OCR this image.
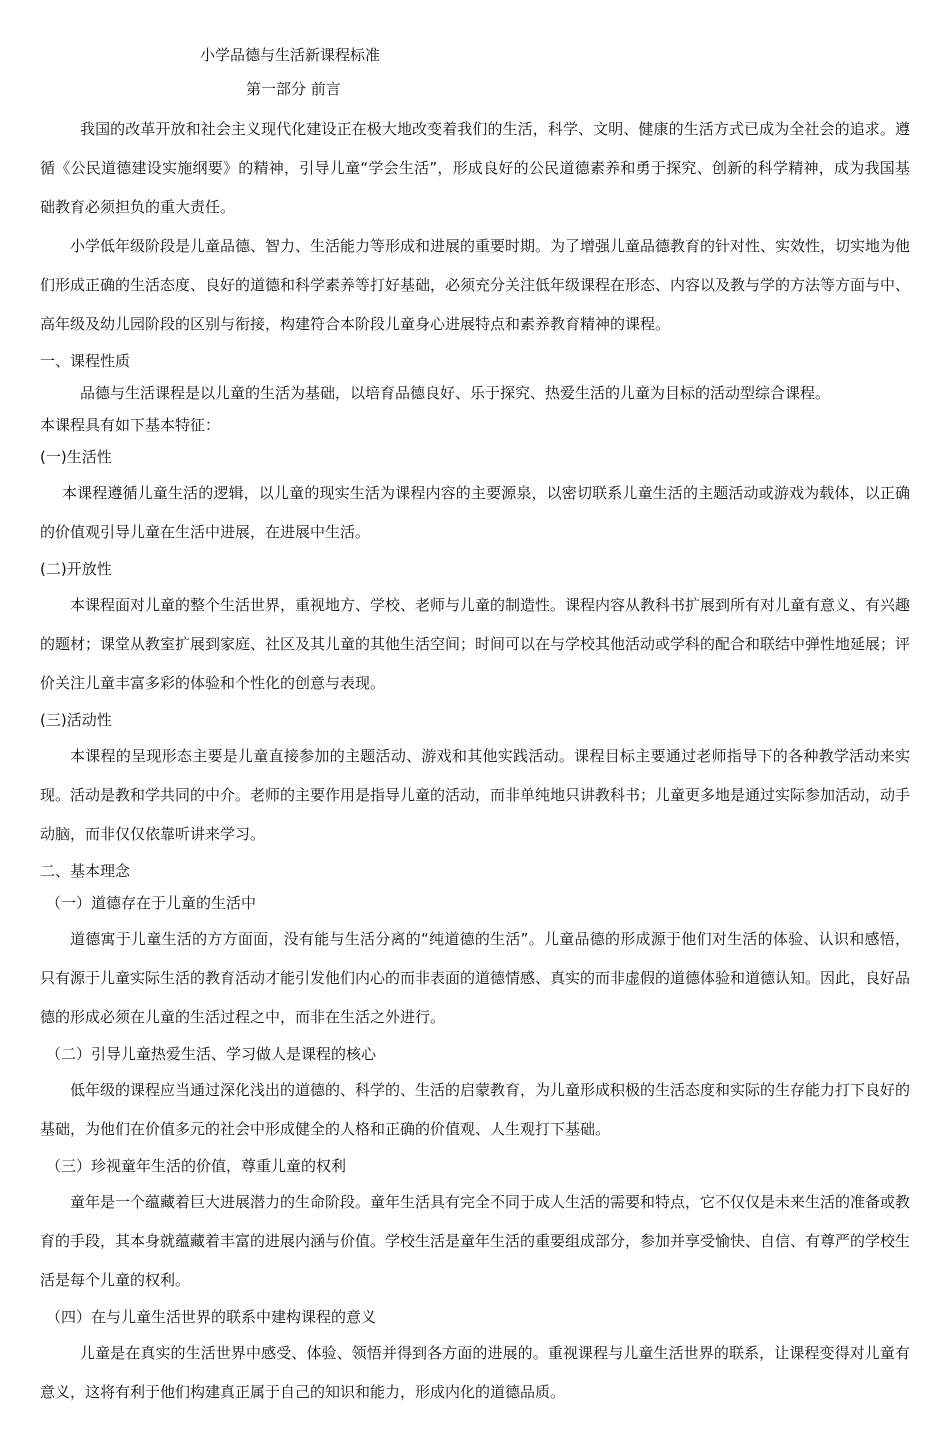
小学品德与生活新课程标准
第一部分 前言

我国的改革开放和社会主义现代化建设正在极大地改变着我们的生活，科学、文明、健康的生活方式已成为全社会的追求。遵循《公民道德建设实施纲要》的精神，引导儿童“学会生活”，形成良好的公民道德素养和勇于探究、创新的科学精神，成为我国基础教育必须担负的重大责任。

小学低年级阶段是儿童品德、智力、生活能力等形成和进展的重要时期。为了增强儿童品德教育的针对性、实效性，切实地为他们形成正确的生活态度、良好的道德和科学素养等打好基础，必须充分关注低年级课程在形态、内容以及教与学的方法等方面与中、高年级及幼儿园阶段的区别与衔接，构建符合本阶段儿童身心进展特点和素养教育精神的课程。

一、课程性质

品德与生活课程是以儿童的生活为基础，以培育品德良好、乐于探究、热爱生活的儿童为目标的活动型综合课程。

本课程具有如下基本特征：
(一)生活性

本课程遵循儿童生活的逻辑，以儿童的现实生活为课程内容的主要源泉，以密切联系儿童生活的主题活动或游戏为载体，以正确的价值观引导儿童在生活中进展，在进展中生活。

(二)开放性

本课程面对儿童的整个生活世界，重视地方、学校、老师与儿童的制造性。课程内容从教科书扩展到所有对儿童有意义、有兴趣的题材；课堂从教室扩展到家庭、社区及其儿童的其他生活空间；时间可以在与学校其他活动或学科的配合和联结中弹性地延展；评价关注儿童丰富多彩的体验和个性化的创意与表现。

(三)活动性

本课程的呈现形态主要是儿童直接参加的主题活动、游戏和其他实践活动。课程目标主要通过老师指导下的各种教学活动来实现。活动是教和学共同的中介。老师的主要作用是指导儿童的活动，而非单纯地只讲教科书；儿童更多地是通过实际参加活动，动手动脑，而非仅仅依靠听讲来学习。

二、基本理念
（一）道德存在于儿童的生活中

道德寓于儿童生活的方方面面，没有能与生活分离的“纯道德的生活”。儿童品德的形成源于他们对生活的体验、认识和感悟，只有源于儿童实际生活的教育活动才能引发他们内心的而非表面的道德情感、真实的而非虚假的道德体验和道德认知。因此，良好品德的形成必须在儿童的生活过程之中，而非在生活之外进行。

（二）引导儿童热爱生活、学习做人是课程的核心

低年级的课程应当通过深化浅出的道德的、科学的、生活的启蒙教育，为儿童形成积极的生活态度和实际的生存能力打下良好的基础，为他们在价值多元的社会中形成健全的人格和正确的价值观、人生观打下基础。

（三）珍视童年生活的价值，尊重儿童的权利

童年是一个蕴藏着巨大进展潜力的生命阶段。童年生活具有完全不同于成人生活的需要和特点，它不仅仅是未来生活的准备或教育的手段，其本身就蕴藏着丰富的进展内涵与价值。学校生活是童年生活的重要组成部分，参加并享受愉快、自信、有尊严的学校生活是每个儿童的权利。

（四）在与儿童生活世界的联系中建构课程的意义

儿童是在真实的生活世界中感受、体验、领悟并得到各方面的进展的。重视课程与儿童生活世界的联系，让课程变得对儿童有意义，这将有利于他们构建真正属于自己的知识和能力，形成内化的道德品质。
